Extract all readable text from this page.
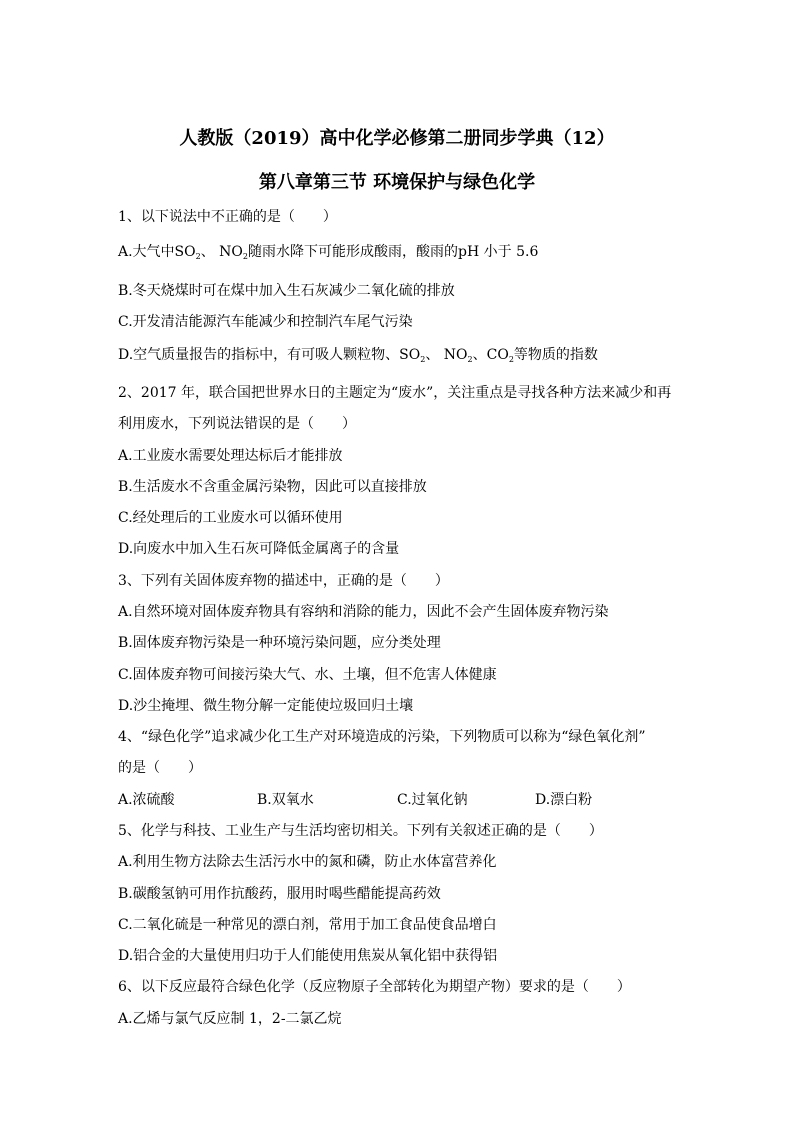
人教版（2019）高中化学必修第二册同步学典（12）
第八章第三节 环境保护与绿色化学
1、以下说法中不正确的是（　　）
A.大气中$SO_2$、 $NO_2$随雨水降下可能形成酸雨，酸雨的pH 小于 5.6
B.冬天烧煤时可在煤中加入生石灰减少二氧化硫的排放
C.开发清洁能源汽车能减少和控制汽车尾气污染
D.空气质量报告的指标中，有可吸人颗粒物、$SO_2$、 $NO_2$、$CO_2$等物质的指数
2、2017 年，联合国把世界水日的主题定为“废水”，关注重点是寻找各种方法来减少和再
利用废水，下列说法错误的是（　　）
A.工业废水需要处理达标后才能排放
B.生活废水不含重金属污染物，因此可以直接排放
C.经处理后的工业废水可以循环使用
D.向废水中加入生石灰可降低金属离子的含量
3、下列有关固体废弃物的描述中，正确的是（　　）
A.自然环境对固体废弃物具有容纳和消除的能力，因此不会产生固体废弃物污染
B.固体废弃物污染是一种环境污染问题，应分类处理
C.固体废弃物可间接污染大气、水、土壤，但不危害人体健康
D.沙尘掩埋、微生物分解一定能使垃圾回归土壤
4、“绿色化学”追求减少化工生产对环境造成的污染，下列物质可以称为“绿色氧化剂”
的是（　　）
A.浓硫酸	B.双氧水	C.过氧化钠	D.漂白粉
5、化学与科技、工业生产与生活均密切相关。下列有关叙述正确的是（　　）
A.利用生物方法除去生活污水中的氮和磷，防止水体富营养化
B.碳酸氢钠可用作抗酸药，服用时喝些醋能提高药效
C.二氧化硫是一种常见的漂白剂，常用于加工食品使食品增白
D.铝合金的大量使用归功于人们能使用焦炭从氧化铝中获得铝
6、以下反应最符合绿色化学（反应物原子全部转化为期望产物）要求的是（　　）
A.乙烯与氯气反应制 1，2-二氯乙烷
